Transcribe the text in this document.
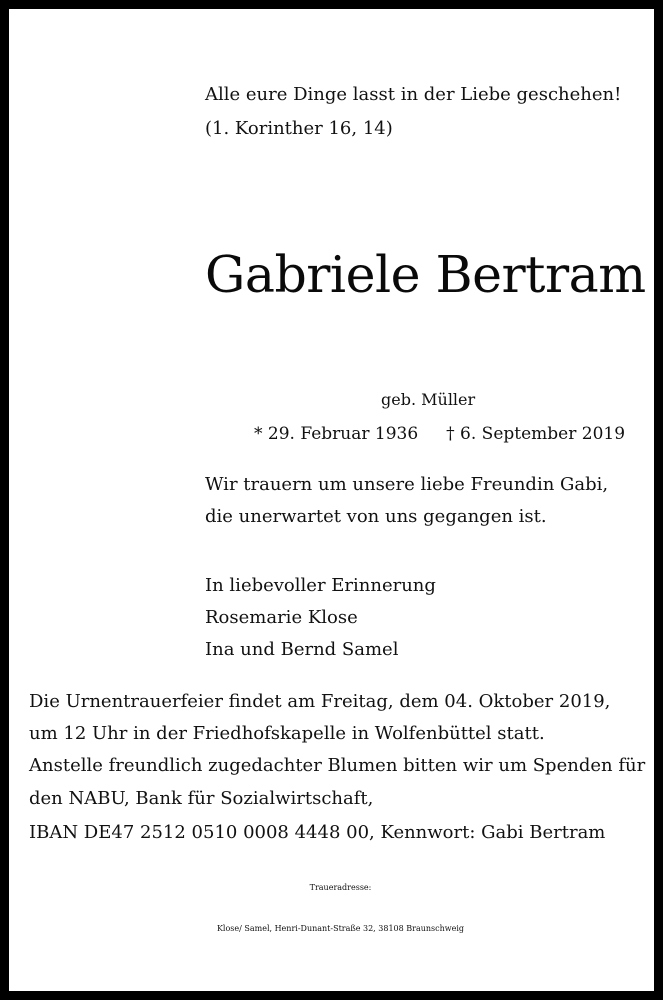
Alle eure Dinge lasst in der Liebe geschehen!
(1. Korinther 16, 14)
Gabriele Bertram
geb. Müller
* 29. Februar 1936 † 6. September 2019
Wir trauern um unsere liebe Freundin Gabi,
die unerwartet von uns gegangen ist.
In liebevoller Erinnerung
Rosemarie Klose
Ina und Bernd Samel
Die Urnentrauerfeier findet am Freitag, dem 04. Oktober 2019,
um 12 Uhr in der Friedhofskapelle in Wolfenbüttel statt.
Anstelle freundlich zugedachter Blumen bitten wir um Spenden für
den NABU, Bank für Sozialwirtschaft,
IBAN DE47 2512 0510 0008 4448 00, Kennwort: Gabi Bertram
Traueradresse:
Klose/ Samel, Henri-Dunant-Straße 32, 38108 Braunschweig
